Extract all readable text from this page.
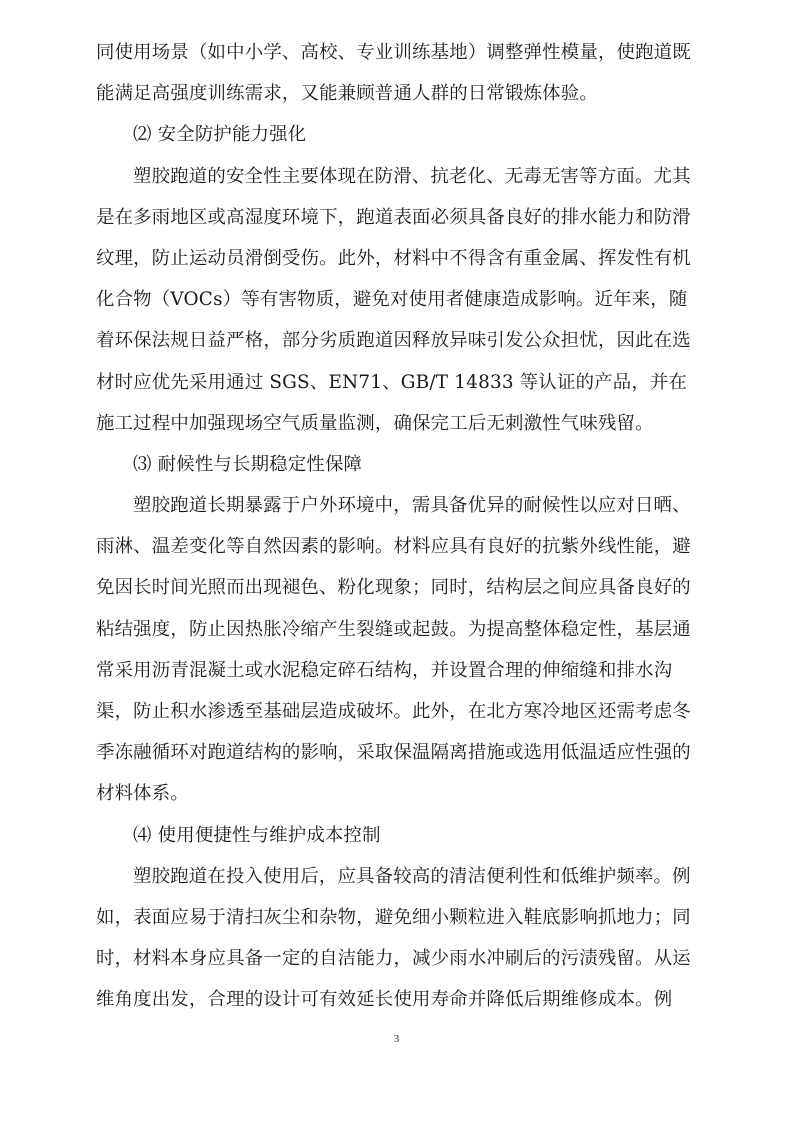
同使用场景（如中小学、高校、专业训练基地）调整弹性模量，使跑道既
能满足高强度训练需求，又能兼顾普通人群的日常锻炼体验。
⑵ 安全防护能力强化
塑胶跑道的安全性主要体现在防滑、抗老化、无毒无害等方面。尤其
是在多雨地区或高湿度环境下，跑道表面必须具备良好的排水能力和防滑
纹理，防止运动员滑倒受伤。此外，材料中不得含有重金属、挥发性有机
化合物（VOCs）等有害物质，避免对使用者健康造成影响。近年来，随
着环保法规日益严格，部分劣质跑道因释放异味引发公众担忧，因此在选
材时应优先采用通过 SGS、EN71、GB/T 14833 等认证的产品，并在
施工过程中加强现场空气质量监测，确保完工后无刺激性气味残留。
⑶ 耐候性与长期稳定性保障
塑胶跑道长期暴露于户外环境中，需具备优异的耐候性以应对日晒、
雨淋、温差变化等自然因素的影响。材料应具有良好的抗紫外线性能，避
免因长时间光照而出现褪色、粉化现象；同时，结构层之间应具备良好的
粘结强度，防止因热胀冷缩产生裂缝或起鼓。为提高整体稳定性，基层通
常采用沥青混凝土或水泥稳定碎石结构，并设置合理的伸缩缝和排水沟
渠，防止积水渗透至基础层造成破坏。此外，在北方寒冷地区还需考虑冬
季冻融循环对跑道结构的影响，采取保温隔离措施或选用低温适应性强的
材料体系。
⑷ 使用便捷性与维护成本控制
塑胶跑道在投入使用后，应具备较高的清洁便利性和低维护频率。例
如，表面应易于清扫灰尘和杂物，避免细小颗粒进入鞋底影响抓地力；同
时，材料本身应具备一定的自洁能力，减少雨水冲刷后的污渍残留。从运
维角度出发，合理的设计可有效延长使用寿命并降低后期维修成本。例
3
